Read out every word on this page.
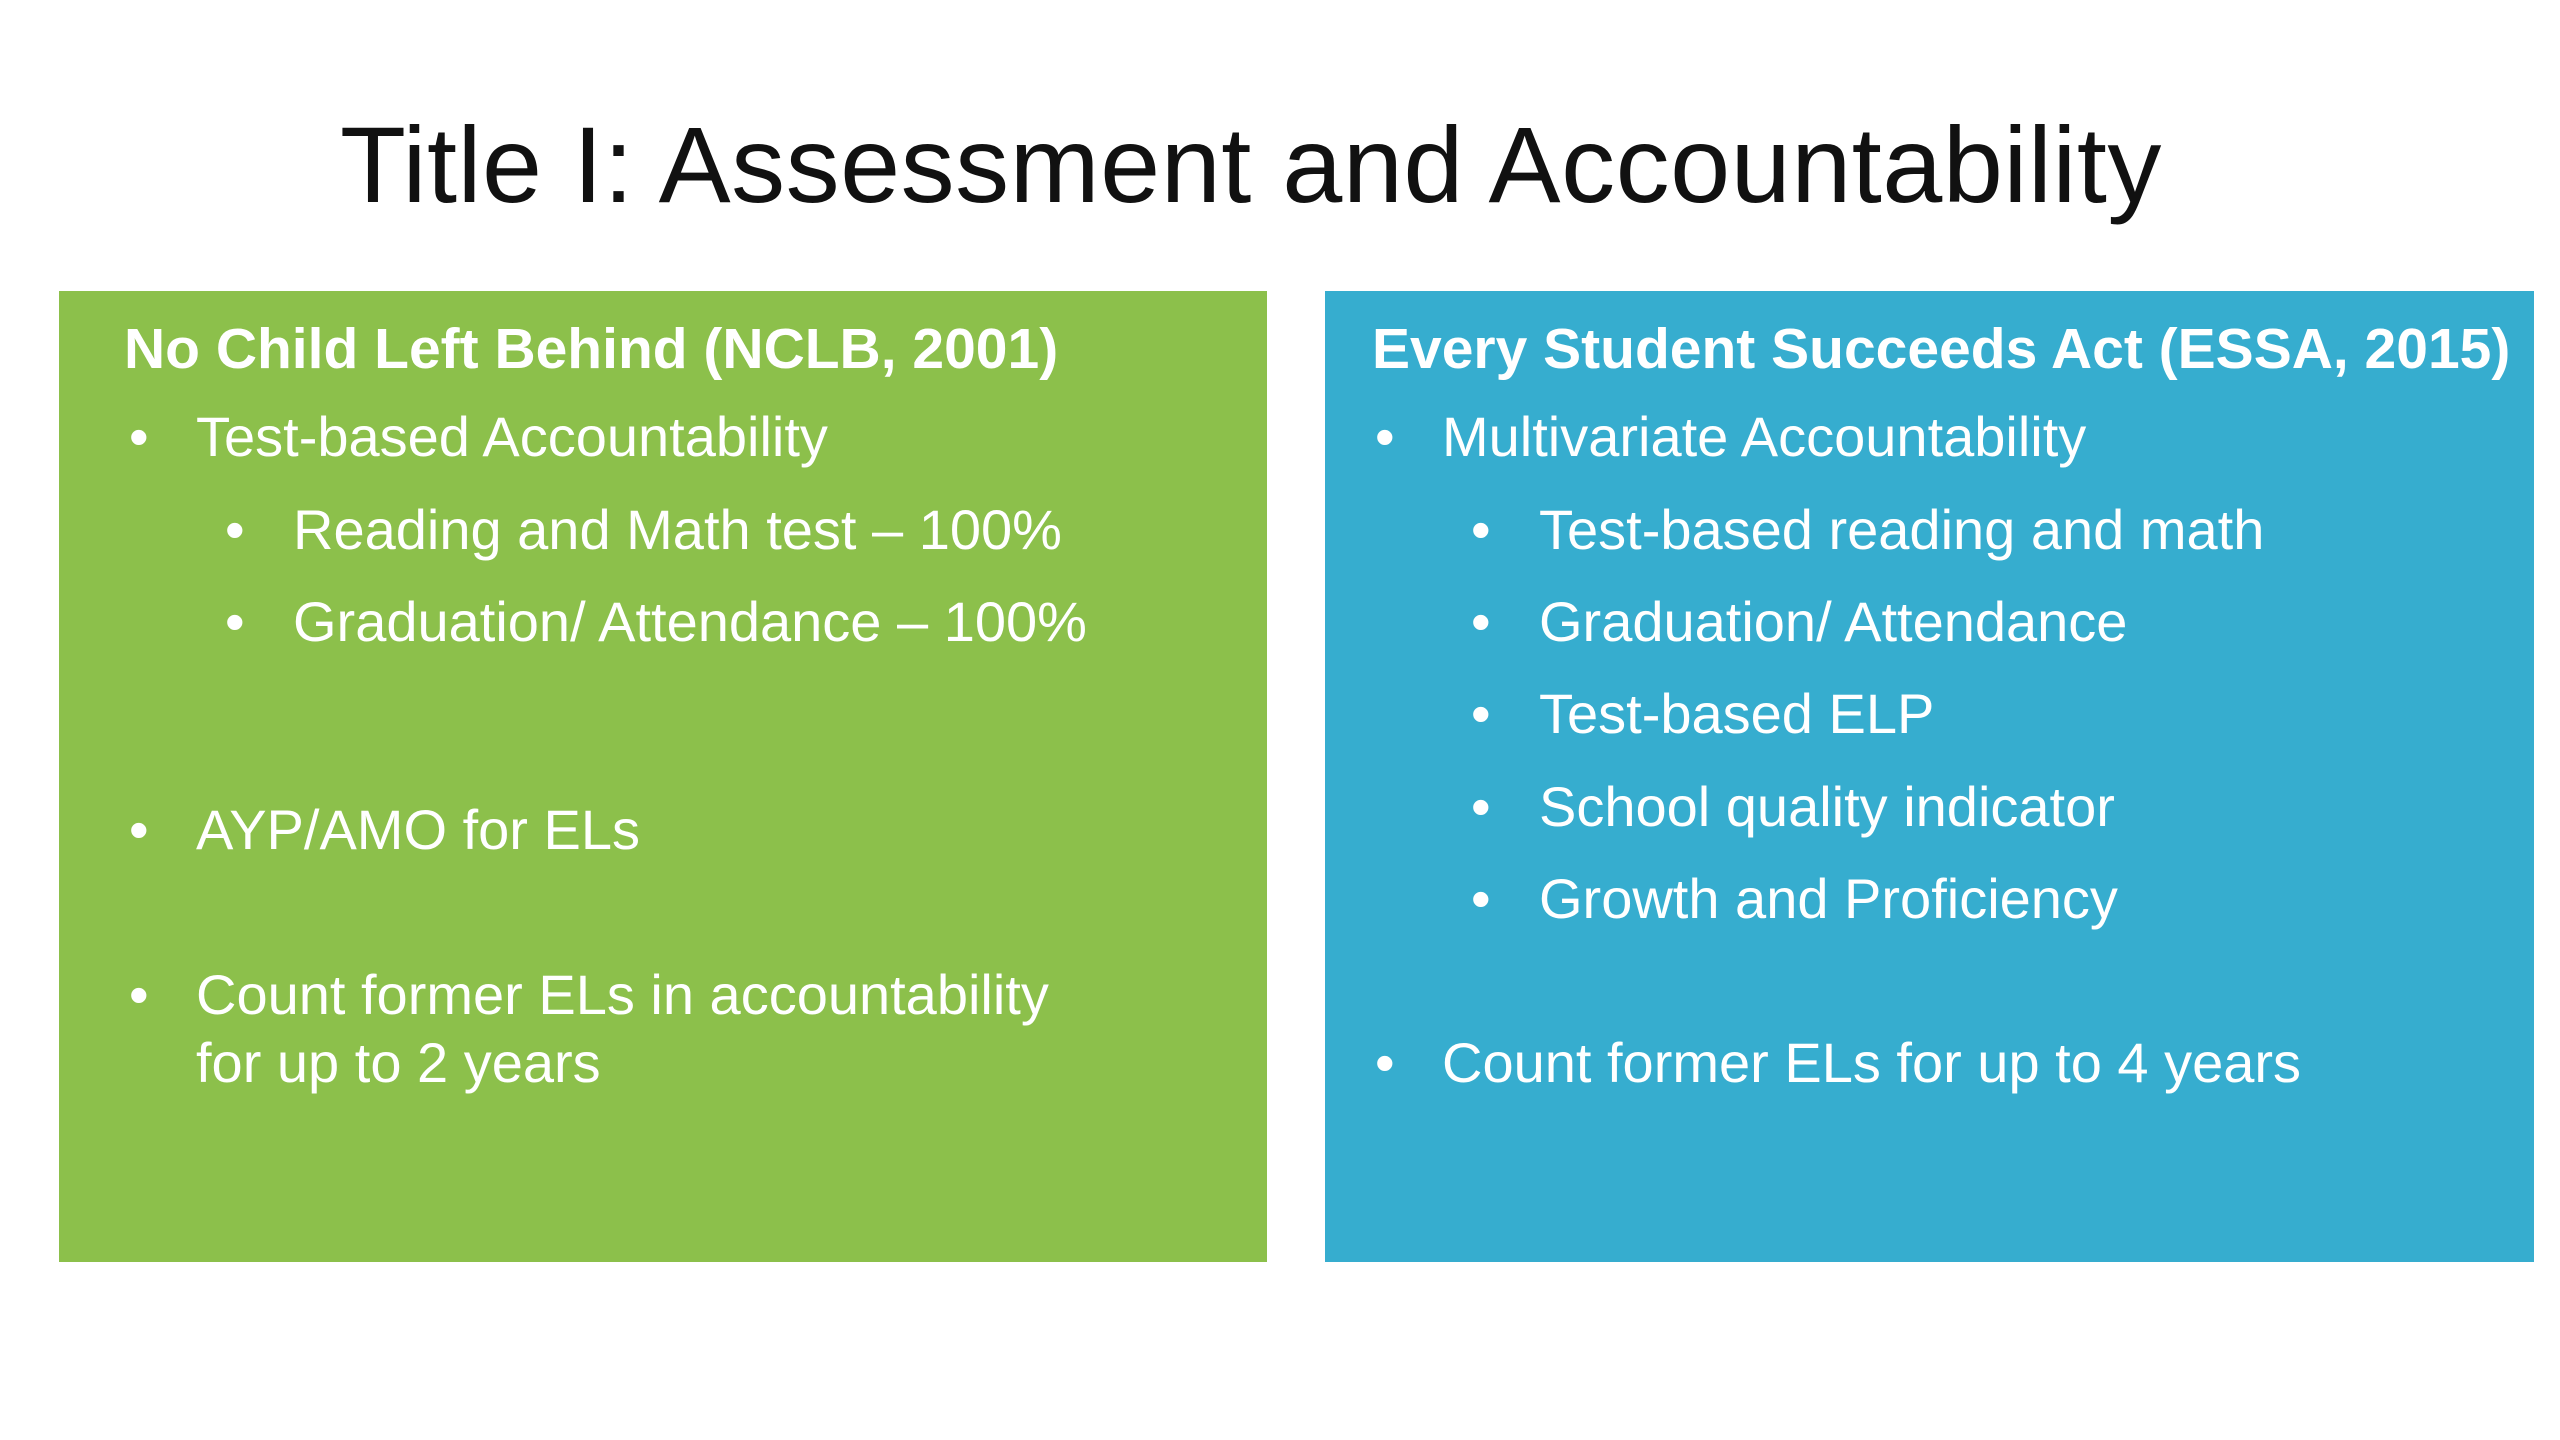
Title I: Assessment and Accountability
No Child Left Behind (NCLB, 2001)
• Test-based Accountability
• Reading and Math test – 100%
• Graduation/ Attendance – 100%
• AYP/AMO for ELs
• Count former ELs in accountability
for up to 2 years
Every Student Succeeds Act (ESSA, 2015)
• Multivariate Accountability
• Test-based reading and math
• Graduation/ Attendance
• Test-based ELP
• School quality indicator
• Growth and Proficiency
• Count former ELs for up to 4 years
